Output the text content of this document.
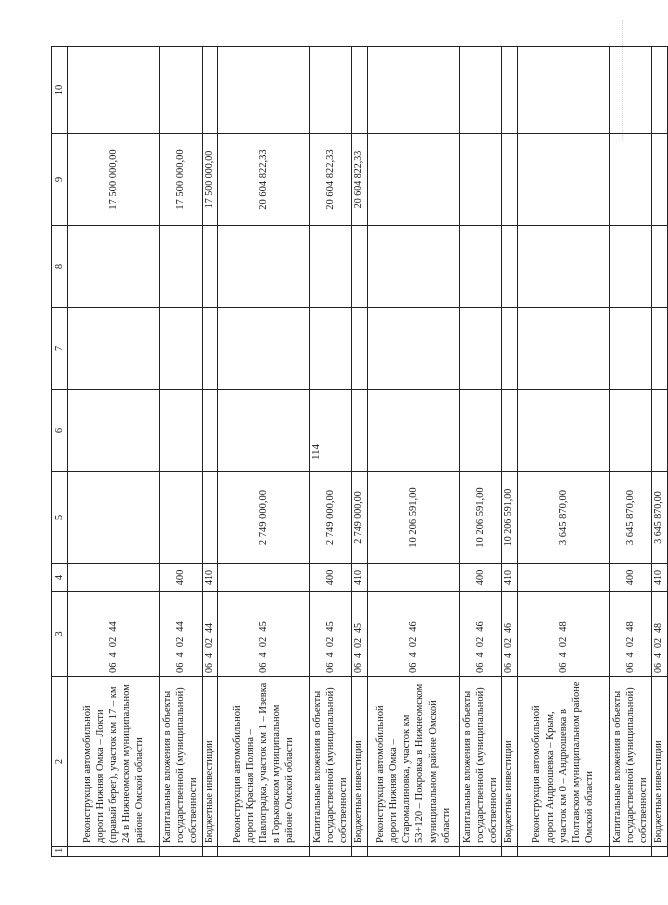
114
1	2	3	4	5	6	7	8	9	10
	Реконструкция автомобильной дороги Нижняя Омка – Локти (правый берег), участок км 17 – км 24 в Нижнеомском муниципальном районе Омской области	0640244						17 500 000,00	
	Капитальные вложения в объекты государственной (муниципальной) собственности	0640244	400					17 500 000,00	
	Бюджетные инвестиции	0640244	410					17 500 000,00	
	Реконструкция автомобильной дороги Красная Поляна – Павлоградка, участок км 1 – Изевка в Горьковском муниципальном районе Омской области	0640245		2 749 000,00				20 604 822,33	
	Капитальные вложения в объекты государственной (муниципальной) собственности	0640245	400	2 749 000,00				20 604 822,33	
	Бюджетные инвестиции	0640245	410	2 749 000,00				20 604 822,33	
	Реконструкция автомобильной дороги Нижняя Омка – Старомалиновка, участок км 53+120 – Покровка в Нижнеомском муниципальном районе Омской области	0640246		10 206 591,00					
	Капитальные вложения в объекты государственной (муниципальной) собственности	0640246	400	10 206 591,00					
	Бюджетные инвестиции	0640246	410	10 206 591,00					
	Реконструкция автомобильной дороги Андрюшевка – Крым, участок км 0 – Андрюшевка в Полтавском муниципальном районе Омской области	0640248		3 645 870,00					
	Капитальные вложения в объекты государственной (муниципальной) собственности	0640248	400	3 645 870,00					
	Бюджетные инвестиции	0640248	410	3 645 870,00					
